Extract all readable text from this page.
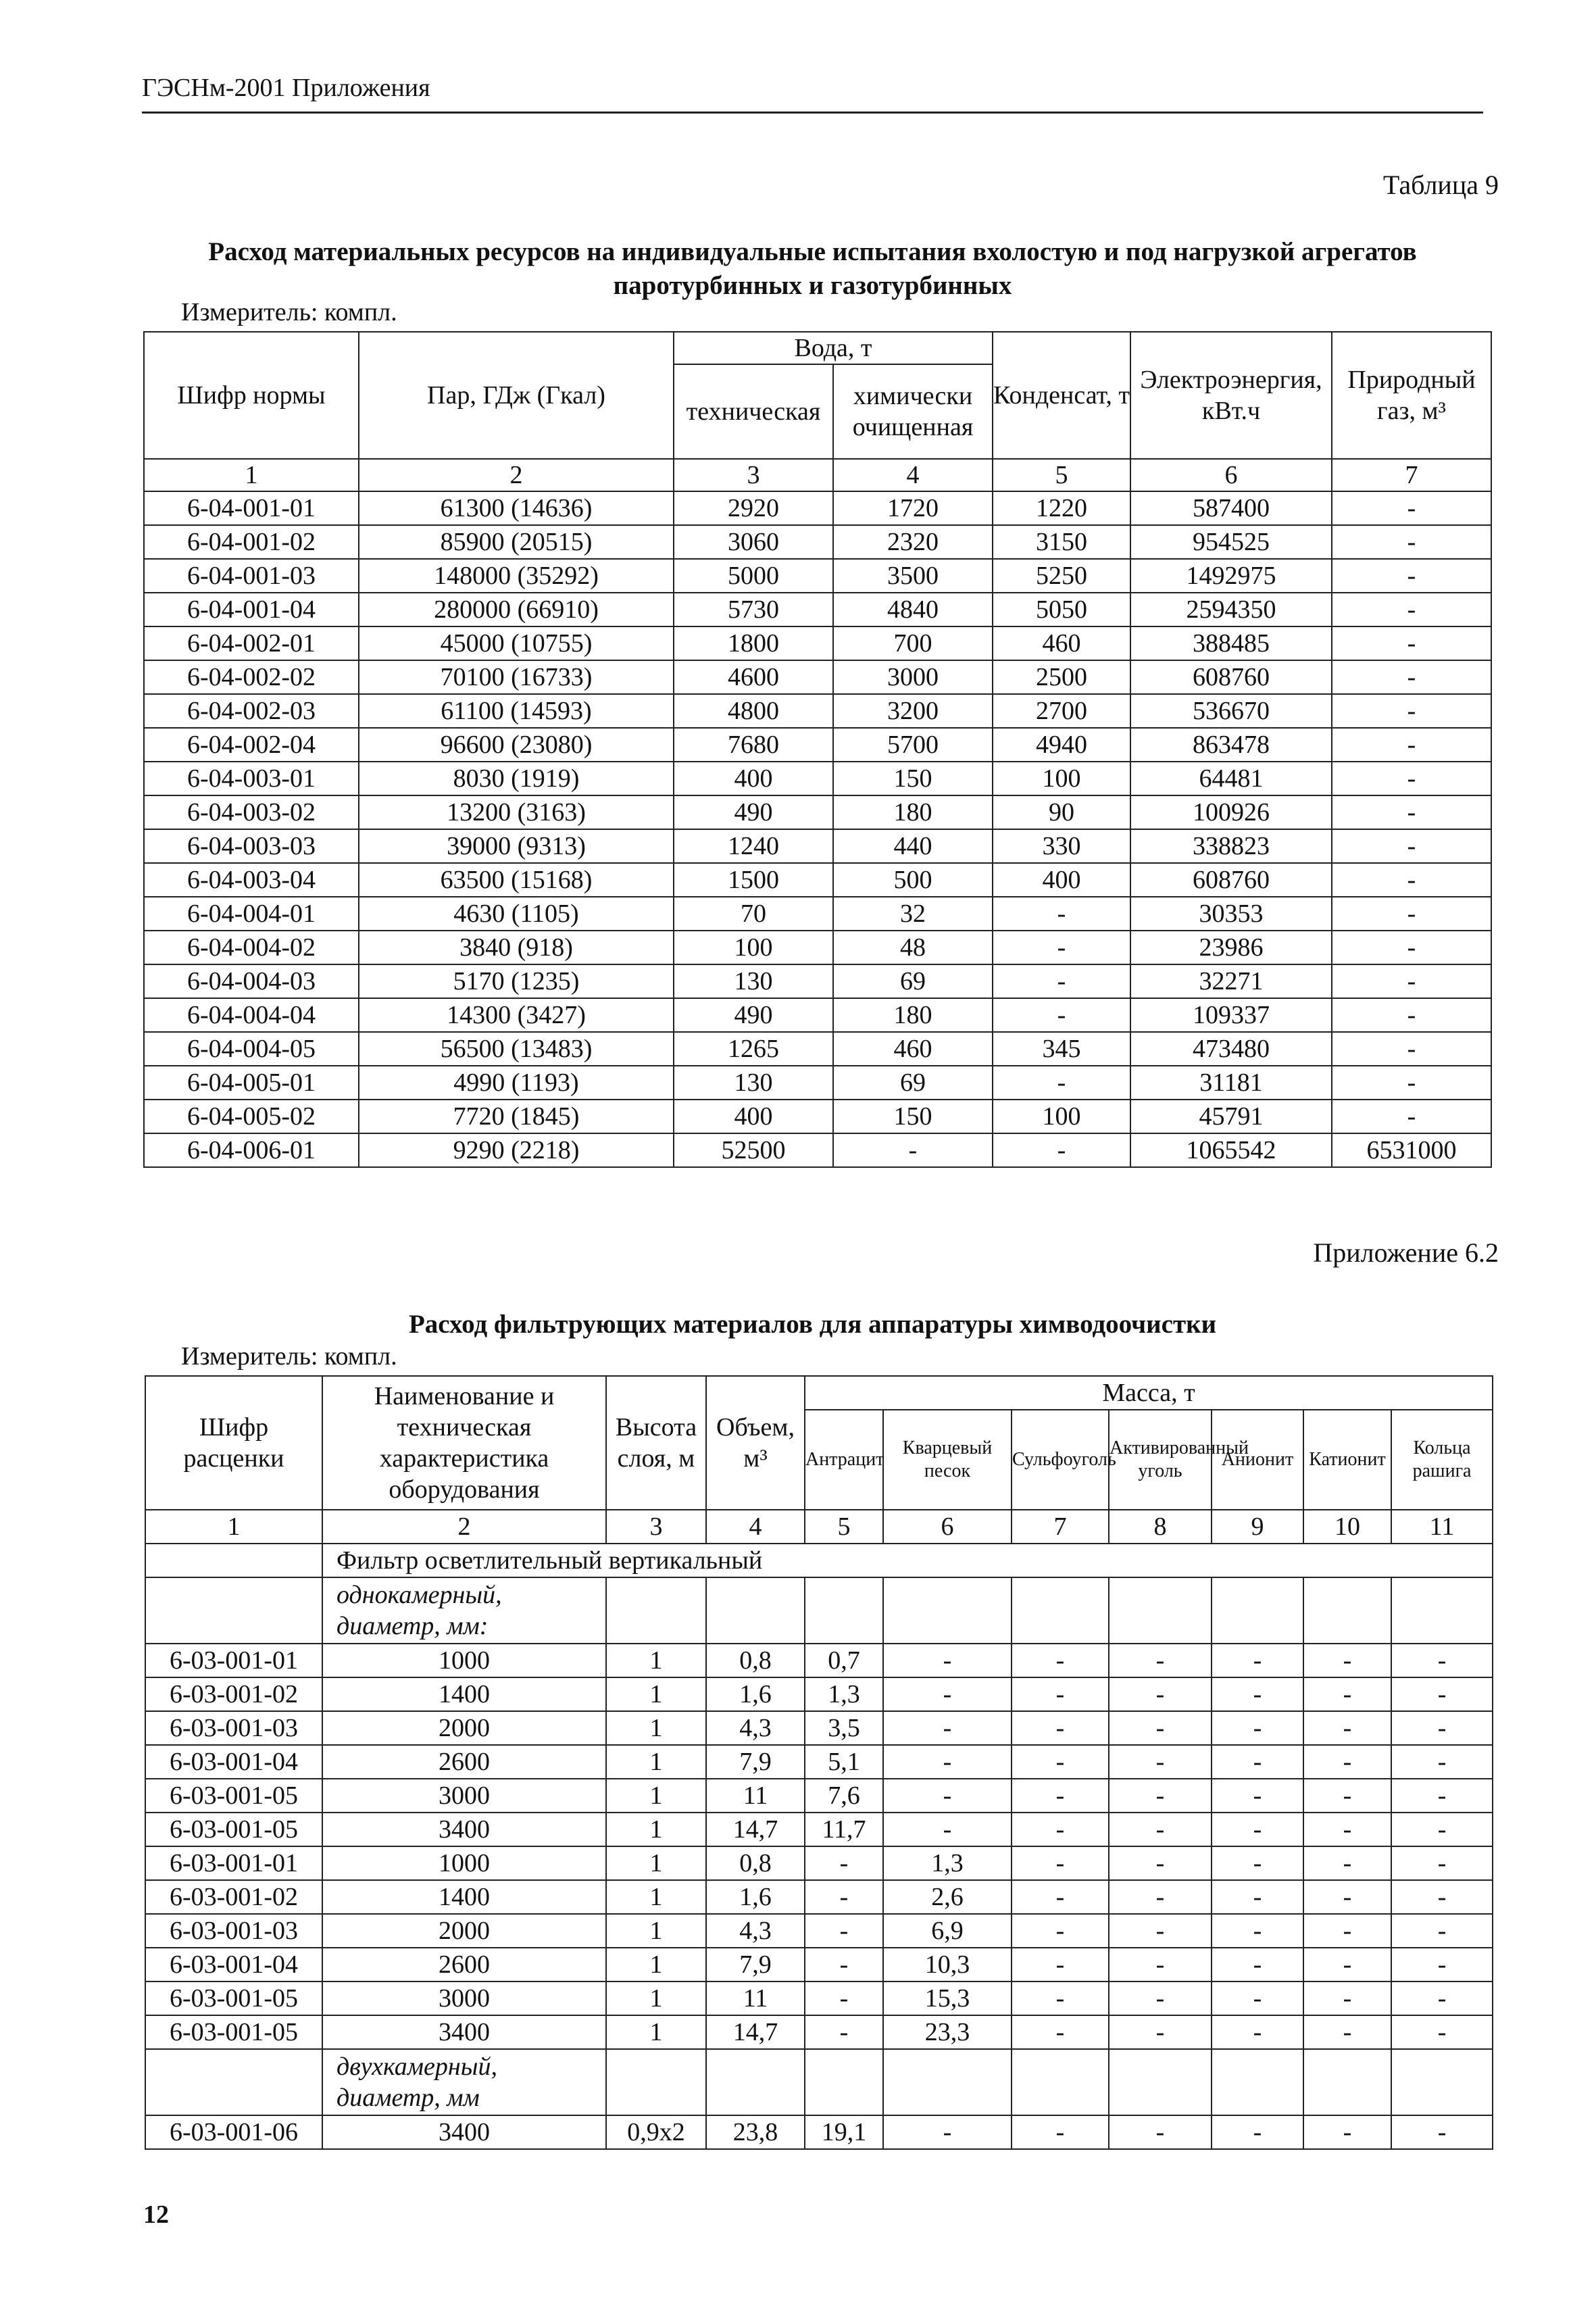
ГЭСНм-2001 Приложения
Таблица 9
Расход материальных ресурсов на индивидуальные испытания вхолостую и под нагрузкой агрегатов паротурбинных и газотурбинных
Измеритель: компл.
Шифр нормы	Пар, ГДж (Гкал)	Вода, т		Конденсат, т	Электроэнергия, кВт.ч	Природный газ, м³
		техническая	химически очищенная			
1	2	3	4	5	6	7
6-04-001-01	61300 (14636)	2920	1720	1220	587400	-
6-04-001-02	85900 (20515)	3060	2320	3150	954525	-
6-04-001-03	148000 (35292)	5000	3500	5250	1492975	-
6-04-001-04	280000 (66910)	5730	4840	5050	2594350	-
6-04-002-01	45000 (10755)	1800	700	460	388485	-
6-04-002-02	70100 (16733)	4600	3000	2500	608760	-
6-04-002-03	61100 (14593)	4800	3200	2700	536670	-
6-04-002-04	96600 (23080)	7680	5700	4940	863478	-
6-04-003-01	8030 (1919)	400	150	100	64481	-
6-04-003-02	13200 (3163)	490	180	90	100926	-
6-04-003-03	39000 (9313)	1240	440	330	338823	-
6-04-003-04	63500 (15168)	1500	500	400	608760	-
6-04-004-01	4630 (1105)	70	32	-	30353	-
6-04-004-02	3840 (918)	100	48	-	23986	-
6-04-004-03	5170 (1235)	130	69	-	32271	-
6-04-004-04	14300 (3427)	490	180	-	109337	-
6-04-004-05	56500 (13483)	1265	460	345	473480	-
6-04-005-01	4990 (1193)	130	69	-	31181	-
6-04-005-02	7720 (1845)	400	150	100	45791	-
6-04-006-01	9290 (2218)	52500	-	-	1065542	6531000
Приложение 6.2
Расход фильтрующих материалов для аппаратуры химводоочистки
Измеритель: компл.
Шифр расценки	Наименование и техническая характеристика оборудования	Высота слоя, м	Объем, м³	Масса, т						
				Антрацит	Кварцевый песок	Сульфоуголь	Активированный уголь	Анионит	Катионит	Кольца рашига
1	2	3	4	5	6	7	8	9	10	11
	Фильтр осветлительный вертикальный									
	однокамерный, диаметр, мм:									
6-03-001-01	1000	1	0,8	0,7	-	-	-	-	-	-
6-03-001-02	1400	1	1,6	1,3	-	-	-	-	-	-
6-03-001-03	2000	1	4,3	3,5	-	-	-	-	-	-
6-03-001-04	2600	1	7,9	5,1	-	-	-	-	-	-
6-03-001-05	3000	1	11	7,6	-	-	-	-	-	-
6-03-001-05	3400	1	14,7	11,7	-	-	-	-	-	-
6-03-001-01	1000	1	0,8	-	1,3	-	-	-	-	-
6-03-001-02	1400	1	1,6	-	2,6	-	-	-	-	-
6-03-001-03	2000	1	4,3	-	6,9	-	-	-	-	-
6-03-001-04	2600	1	7,9	-	10,3	-	-	-	-	-
6-03-001-05	3000	1	11	-	15,3	-	-	-	-	-
6-03-001-05	3400	1	14,7	-	23,3	-	-	-	-	-
	двухкамерный, диаметр, мм									
6-03-001-06	3400	0,9x2	23,8	19,1	-	-	-	-	-	-
12
